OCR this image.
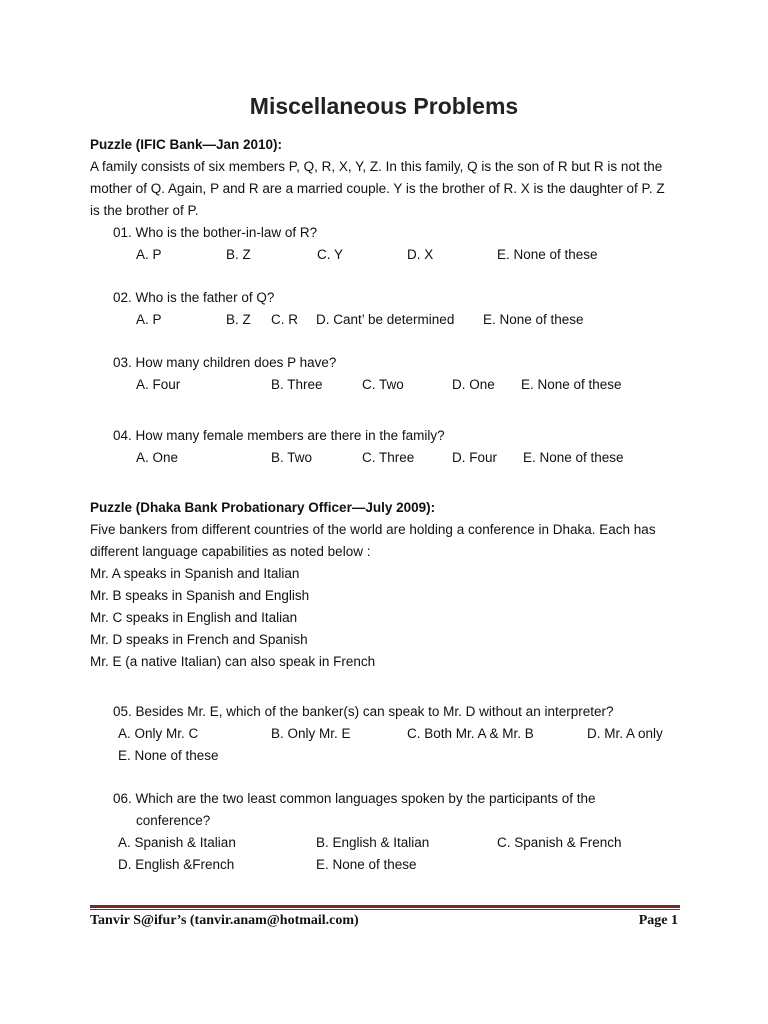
Miscellaneous Problems
Puzzle (IFIC Bank—Jan 2010):
A family consists of six members P, Q, R, X, Y, Z. In this family, Q is the son of R but R is not the
mother of Q. Again, P and R are a married couple. Y is the brother of R. X is the daughter of P. Z
is the brother of P.
01. Who is the bother-in-law of R?
A. P	B. Z	C. Y	D. X	E. None of these
02. Who is the father of Q?
A. P	B. Z C. R D. Cant’ be determined E. None of these
03. How many children does P have?
A. Four	B. Three	C. Two	D. One E. None of these
04. How many female members are there in the family?
A. One	B. Two	C. Three	D. Four E. None of these
Puzzle (Dhaka Bank Probationary Officer—July 2009):
Five bankers from different countries of the world are holding a conference in Dhaka. Each has
different language capabilities as noted below :
Mr. A speaks in Spanish and Italian
Mr. B speaks in Spanish and English
Mr. C speaks in English and Italian
Mr. D speaks in French and Spanish
Mr. E (a native Italian) can also speak in French
05. Besides Mr. E, which of the banker(s) can speak to Mr. D without an interpreter?
A. Only Mr. C	B. Only Mr. E	C. Both Mr. A & Mr. B	D. Mr. A only
E. None of these
06. Which are the two least common languages spoken by the participants of the
conference?
A. Spanish & Italian	B. English & Italian	C. Spanish & French
D. English &French	E. None of these
Tanvir S@ifur’s (tanvir.anam@hotmail.com)	Page 1
